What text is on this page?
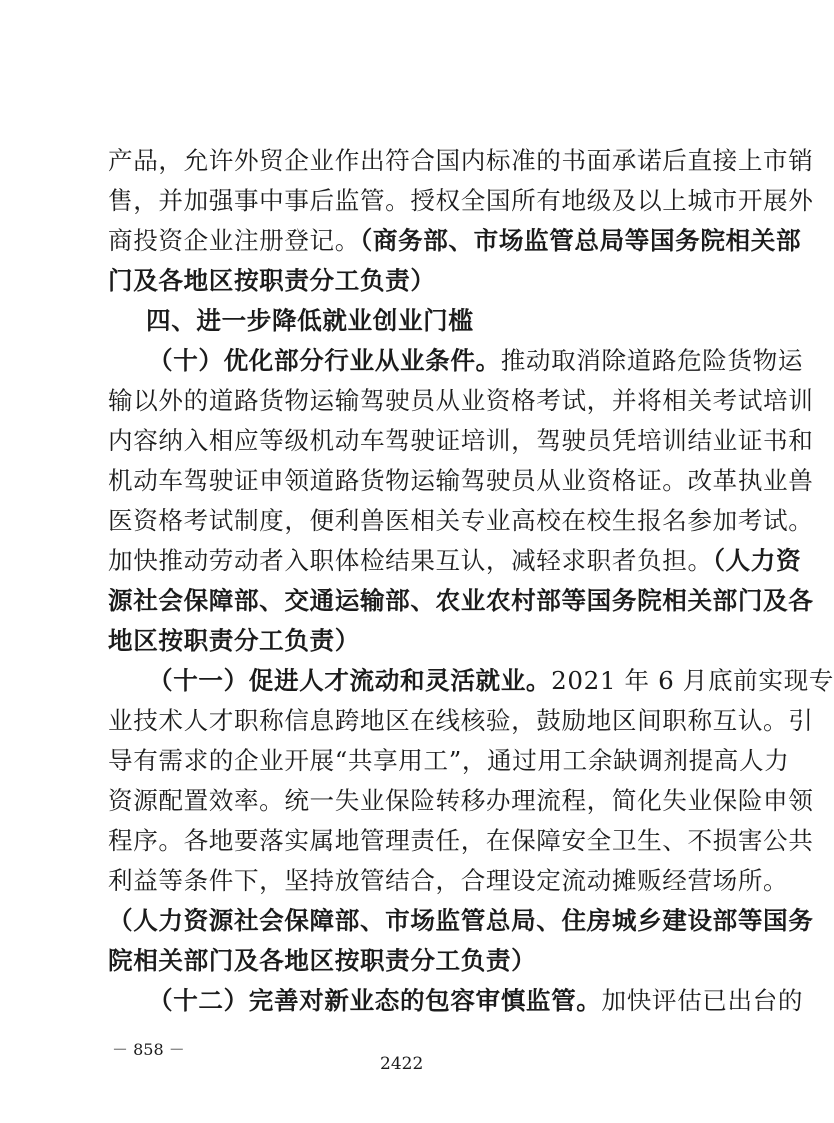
产品，允许外贸企业作出符合国内标准的书面承诺后直接上市销
售，并加强事中事后监管。授权全国所有地级及以上城市开展外
商投资企业注册登记。（商务部、市场监管总局等国务院相关部
门及各地区按职责分工负责）
四、进一步降低就业创业门槛
（十）优化部分行业从业条件。推动取消除道路危险货物运
输以外的道路货物运输驾驶员从业资格考试，并将相关考试培训
内容纳入相应等级机动车驾驶证培训，驾驶员凭培训结业证书和
机动车驾驶证申领道路货物运输驾驶员从业资格证。改革执业兽
医资格考试制度，便利兽医相关专业高校在校生报名参加考试。
加快推动劳动者入职体检结果互认，减轻求职者负担。（人力资
源社会保障部、交通运输部、农业农村部等国务院相关部门及各
地区按职责分工负责）
（十一）促进人才流动和灵活就业。2021 年 6 月底前实现专
业技术人才职称信息跨地区在线核验，鼓励地区间职称互认。引
导有需求的企业开展“共享用工”，通过用工余缺调剂提高人力
资源配置效率。统一失业保险转移办理流程，简化失业保险申领
程序。各地要落实属地管理责任，在保障安全卫生、不损害公共
利益等条件下，坚持放管结合，合理设定流动摊贩经营场所。
（人力资源社会保障部、市场监管总局、住房城乡建设部等国务
院相关部门及各地区按职责分工负责）
（十二）完善对新业态的包容审慎监管。加快评估已出台的
－ 858 －
2422
